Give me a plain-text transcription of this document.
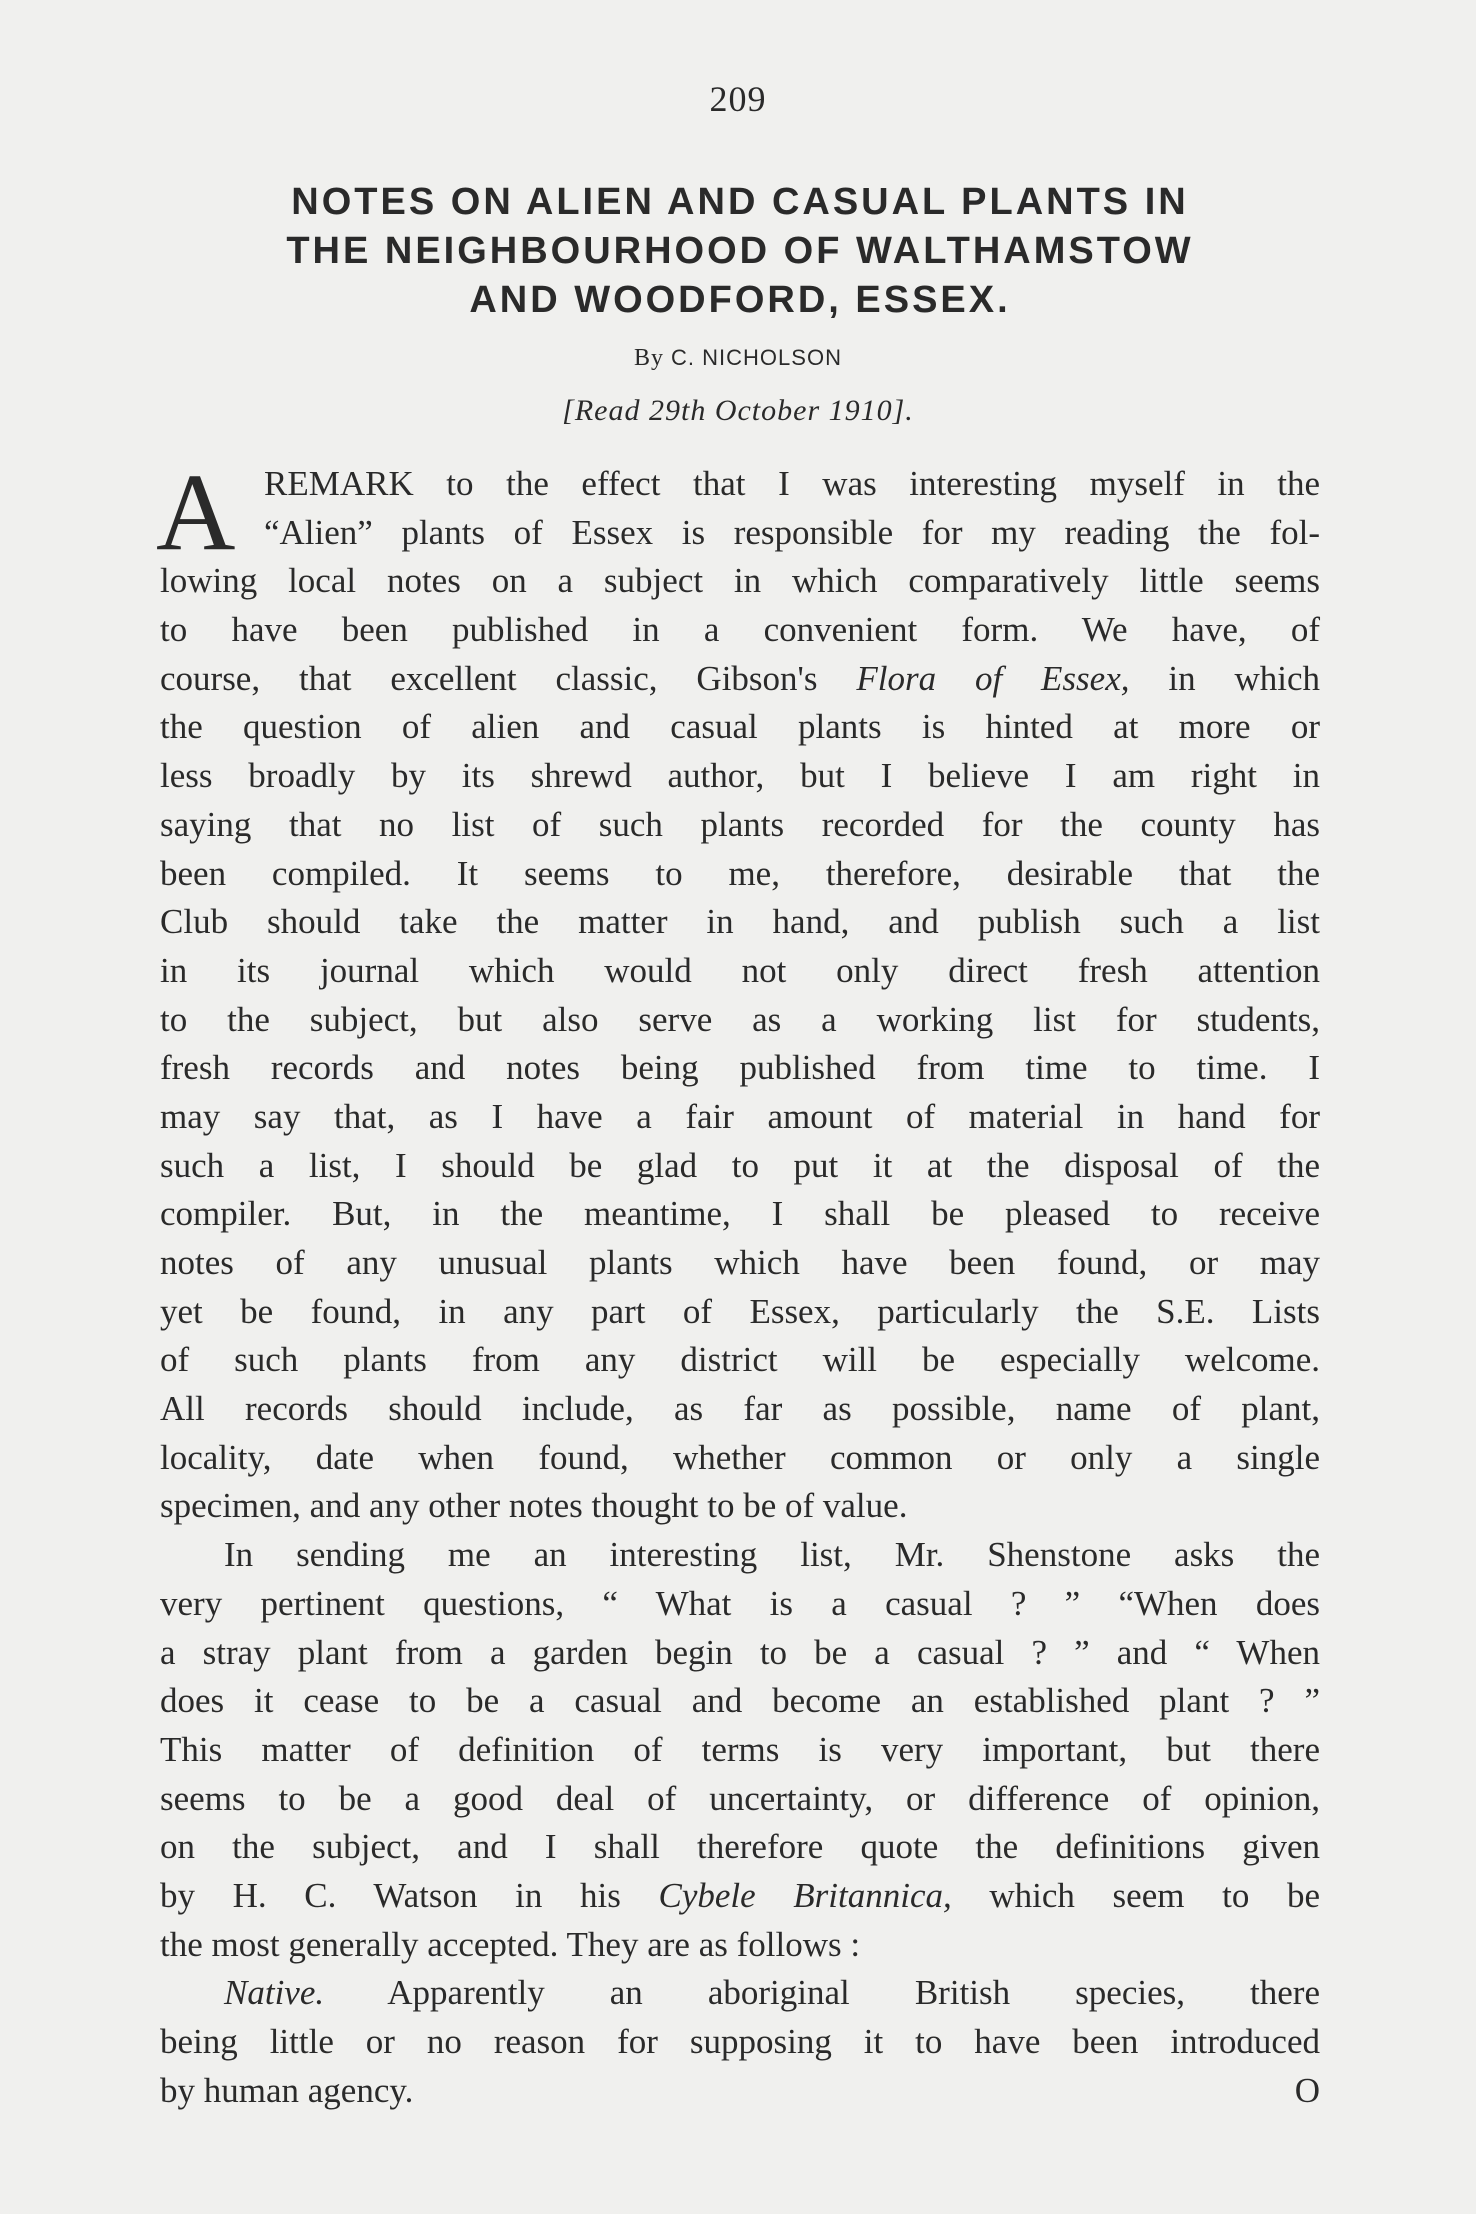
209
NOTES ON ALIEN AND CASUAL PLANTS IN
THE NEIGHBOURHOOD OF WALTHAMSTOW
AND WOODFORD, ESSEX.
By C. NICHOLSON
[Read 29th October 1910].
A REMARK to the effect that I was interesting myself in the
“Alien” plants of Essex is responsible for my reading the fol-
lowing local notes on a subject in which comparatively little seems
to have been published in a convenient form. We have, of
course, that excellent classic, Gibson's Flora of Essex, in which
the question of alien and casual plants is hinted at more or
less broadly by its shrewd author, but I believe I am right in
saying that no list of such plants recorded for the county has
been compiled. It seems to me, therefore, desirable that the
Club should take the matter in hand, and publish such a list
in its journal which would not only direct fresh attention
to the subject, but also serve as a working list for students,
fresh records and notes being published from time to time. I
may say that, as I have a fair amount of material in hand for
such a list, I should be glad to put it at the disposal of the
compiler. But, in the meantime, I shall be pleased to receive
notes of any unusual plants which have been found, or may
yet be found, in any part of Essex, particularly the S.E. Lists
of such plants from any district will be especially welcome.
All records should include, as far as possible, name of plant,
locality, date when found, whether common or only a single
specimen, and any other notes thought to be of value.
In sending me an interesting list, Mr. Shenstone asks the
very pertinent questions, “ What is a casual ? ” “When does
a stray plant from a garden begin to be a casual ? ” and “ When
does it cease to be a casual and become an established plant ? ”
This matter of definition of terms is very important, but there
seems to be a good deal of uncertainty, or difference of opinion,
on the subject, and I shall therefore quote the definitions given
by H. C. Watson in his Cybele Britannica, which seem to be
the most generally accepted. They are as follows :
Native. Apparently an aboriginal British species, there
being little or no reason for supposing it to have been introduced
by human agency.	O
